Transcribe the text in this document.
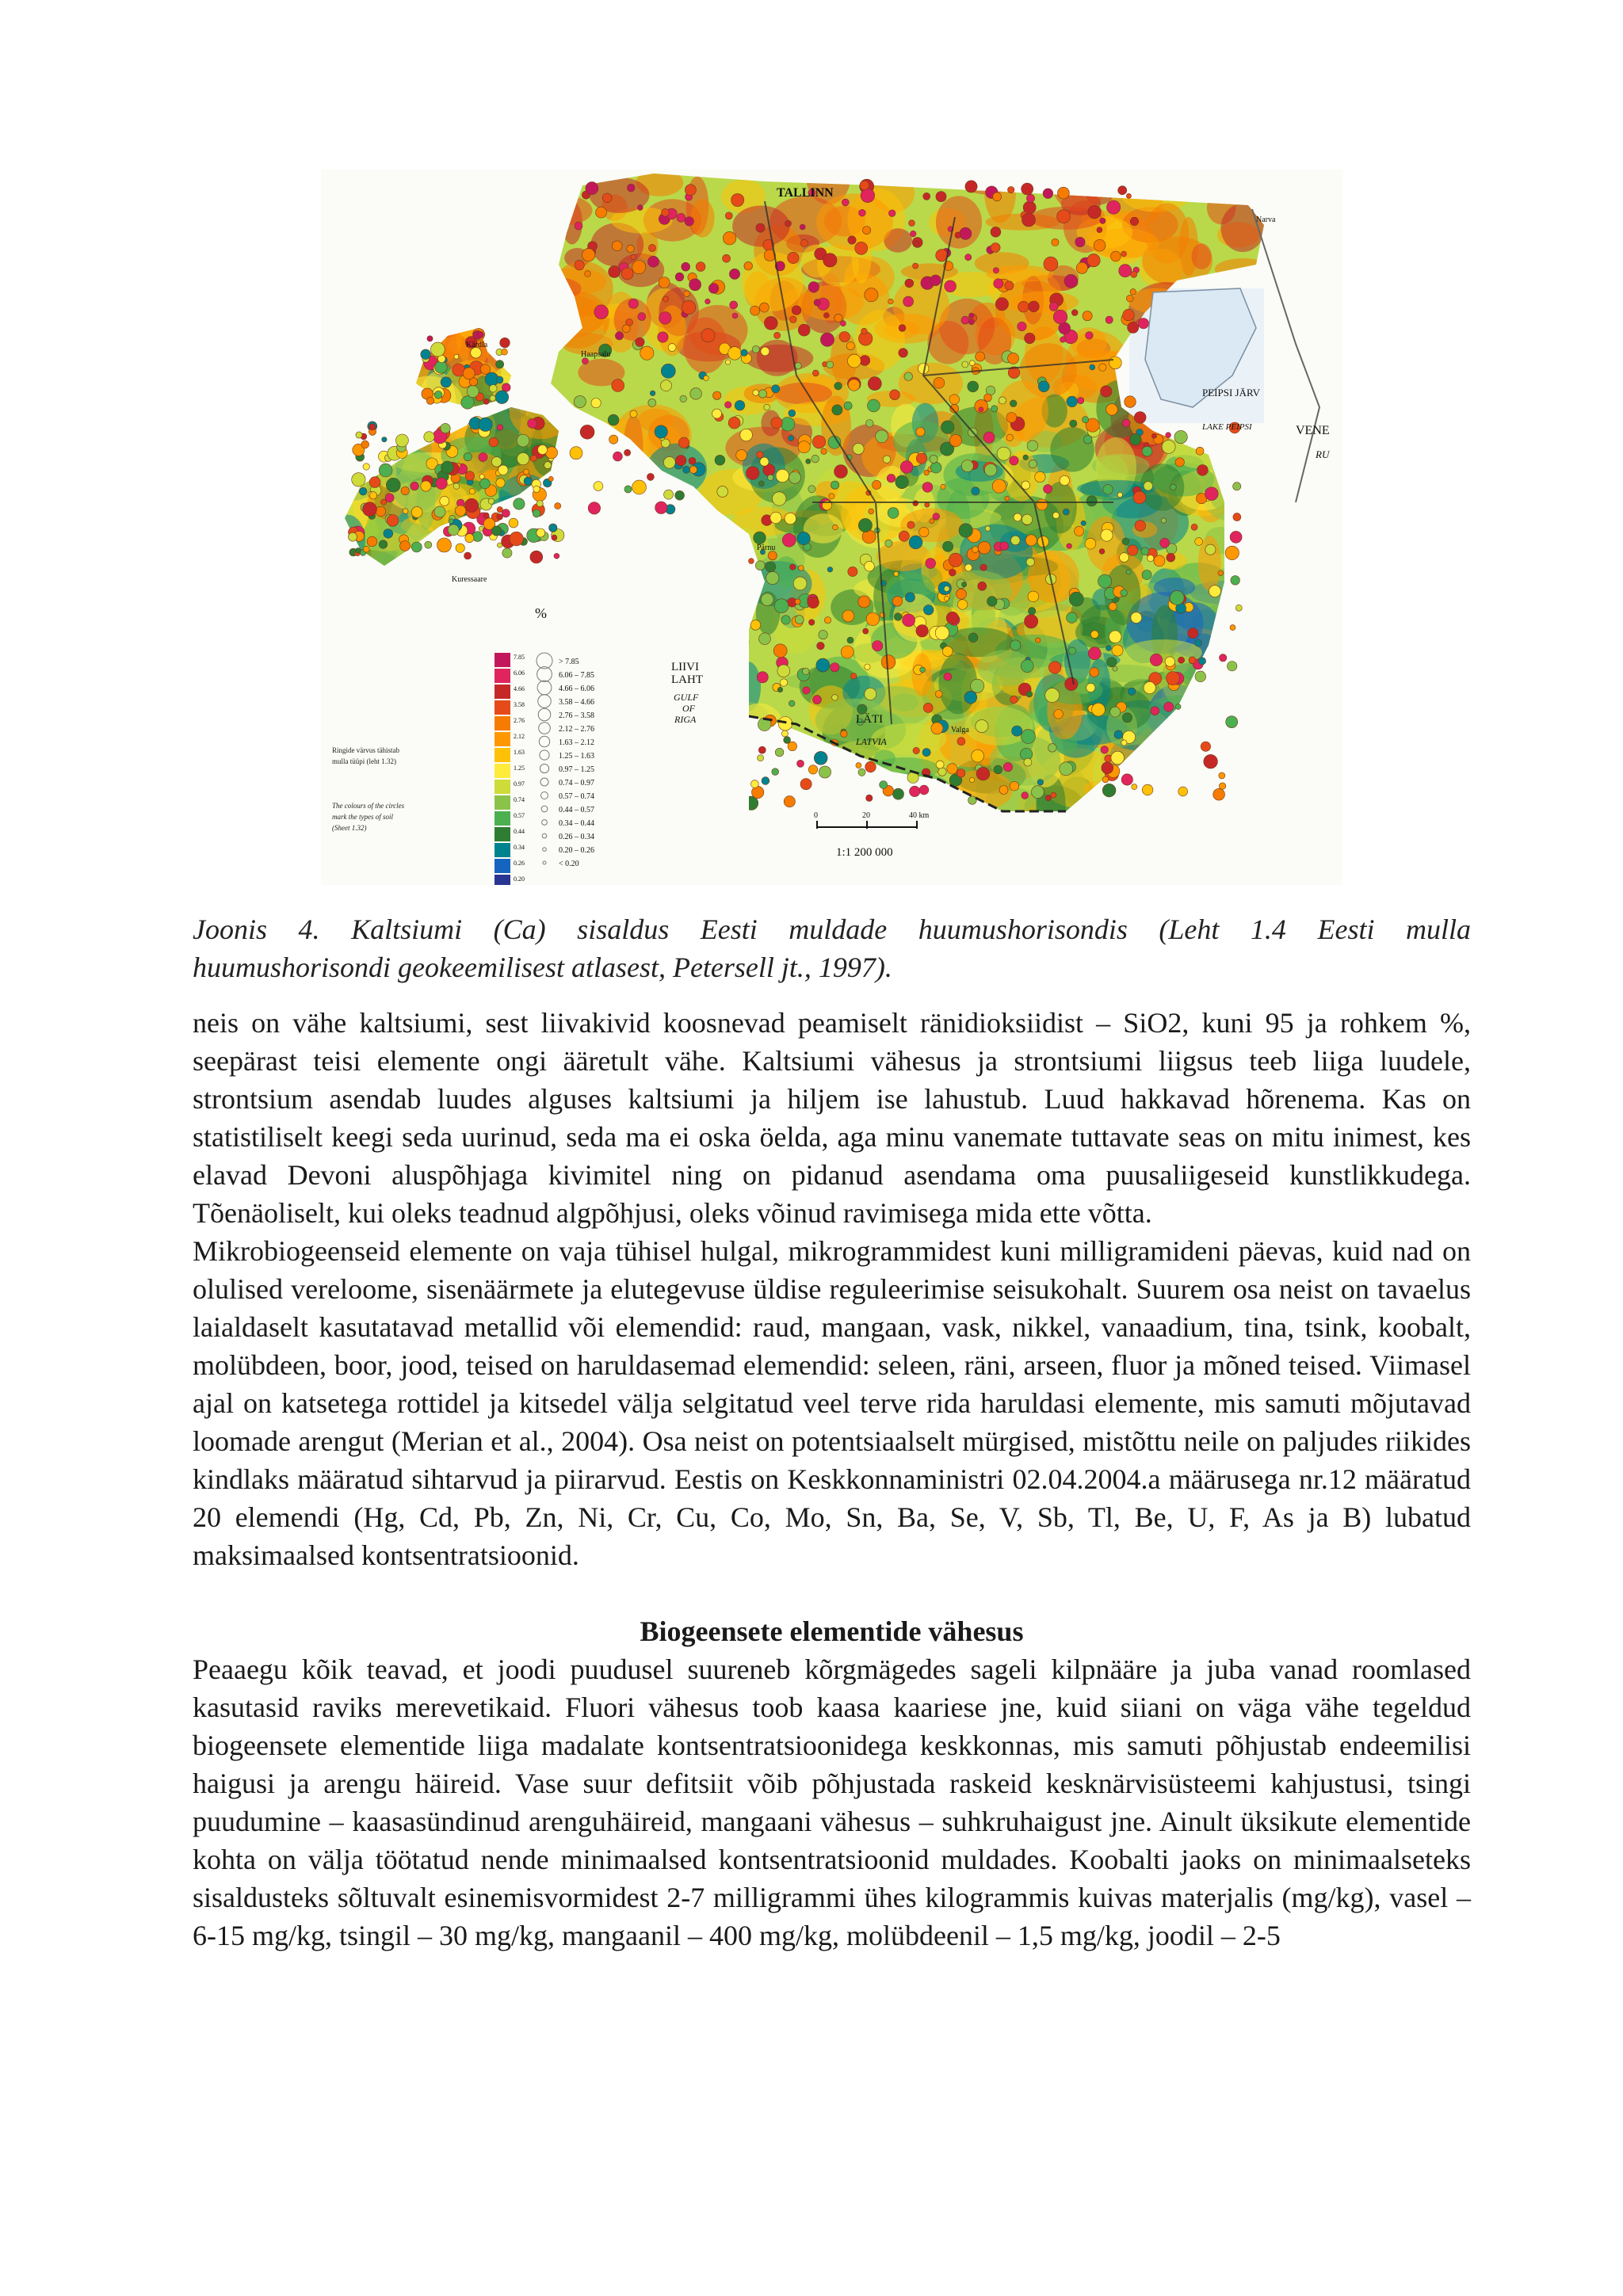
TALLINN
PEIPSI JÄRV
LAKE PEIPSI	VENE
RU
Kärdla
Haapsalu
Kuressaare
Pärnu
Narva
Valga
%
7.85
6.06
4.66
3.58
2.76
2.12
1.63
1.25
0.97
0.74
0.57
0.44
0.34
0.26
0.20
> 7.85
6.06 – 7.85
4.66 – 6.06
3.58 – 4.66
2.76 – 3.58
2.12 – 2.76
1.63 – 2.12
1.25 – 1.63
0.97 – 1.25
0.74 – 0.97
0.57 – 0.74
0.44 – 0.57
0.34 – 0.44
0.26 – 0.34
0.20 – 0.26
< 0.20
Ringide värvus tähistab
mulla tüüpi (leht 1.32)
The colours of the circles
mark the types of soil
(Sheet 1.32)
LIIVI
LAHT
GULF
OF
RIGA	LÄTI
LATVIA
0	20	40 km
1:1 200 000
Joonis 4. Kaltsiumi (Ca) sisaldus Eesti muldade huumushorisondis (Leht 1.4 Eesti mulla
huumushorisondi geokeemilisest atlasest, Petersell jt., 1997).

neis on vähe kaltsiumi, sest liivakivid koosnevad peamiselt ränidioksiidist – SiO2, kuni 95 ja rohkem %, seepärast teisi elemente ongi ääretult vähe. Kaltsiumi vähesus ja strontsiumi liigsus teeb liiga luudele, strontsium asendab luudes alguses kaltsiumi ja hiljem ise lahustub. Luud hakkavad hõrenema. Kas on statistiliselt keegi seda uurinud, seda ma ei oska öelda, aga minu vanemate tuttavate seas on mitu inimest, kes elavad Devoni aluspõhjaga kivimitel ning on pidanud asendama oma puusaliigeseid kunstlikkudega. Tõenäoliselt, kui oleks teadnud algpõhjusi, oleks võinud ravimisega mida ette võtta.

Mikrobiogeenseid elemente on vaja tühisel hulgal, mikrogrammidest kuni milligramideni päevas, kuid nad on olulised vereloome, sisenäärmete ja elutegevuse üldise reguleerimise seisukohalt. Suurem osa neist on tavaelus laialdaselt kasutatavad metallid või elemendid: raud, mangaan, vask, nikkel, vanaadium, tina, tsink, koobalt, molübdeen, boor, jood, teised on haruldasemad elemendid: seleen, räni, arseen, fluor ja mõned teised. Viimasel ajal on katsetega rottidel ja kitsedel välja selgitatud veel terve rida haruldasi elemente, mis samuti mõjutavad loomade arengut (Merian et al., 2004). Osa neist on potentsiaalselt mürgised, mistõttu neile on paljudes riikides kindlaks määratud sihtarvud ja piirarvud. Eestis on Keskkonnaministri 02.04.2004.a määrusega nr.12 määratud 20 elemendi (Hg, Cd, Pb, Zn, Ni, Cr, Cu, Co, Mo, Sn, Ba, Se, V, Sb, Tl, Be, U, F, As ja B) lubatud maksimaalsed kontsentratsioonid.

Biogeensete elementide vähesus

Peaaegu kõik teavad, et joodi puudusel suureneb kõrgmägedes sageli kilpnääre ja juba vanad roomlased kasutasid raviks merevetikaid. Fluori vähesus toob kaasa kaariese jne, kuid siiani on väga vähe tegeldud biogeensete elementide liiga madalate kontsentratsioonidega keskkonnas, mis samuti põhjustab endeemilisi haigusi ja arengu häireid. Vase suur defitsiit võib põhjustada raskeid kesknärvisüsteemi kahjustusi, tsingi puudumine – kaasasündinud arenguhäireid, mangaani vähesus – suhkruhaigust jne. Ainult üksikute elementide kohta on välja töötatud nende minimaalsed kontsentratsioonid muldades. Koobalti jaoks on minimaalseteks sisaldusteks sõltuvalt esinemisvormidest 2-7 milligrammi ühes kilogrammis kuivas materjalis (mg/kg), vasel – 6-15 mg/kg, tsingil – 30 mg/kg, mangaanil – 400 mg/kg, molübdeenil – 1,5 mg/kg, joodil – 2-5
